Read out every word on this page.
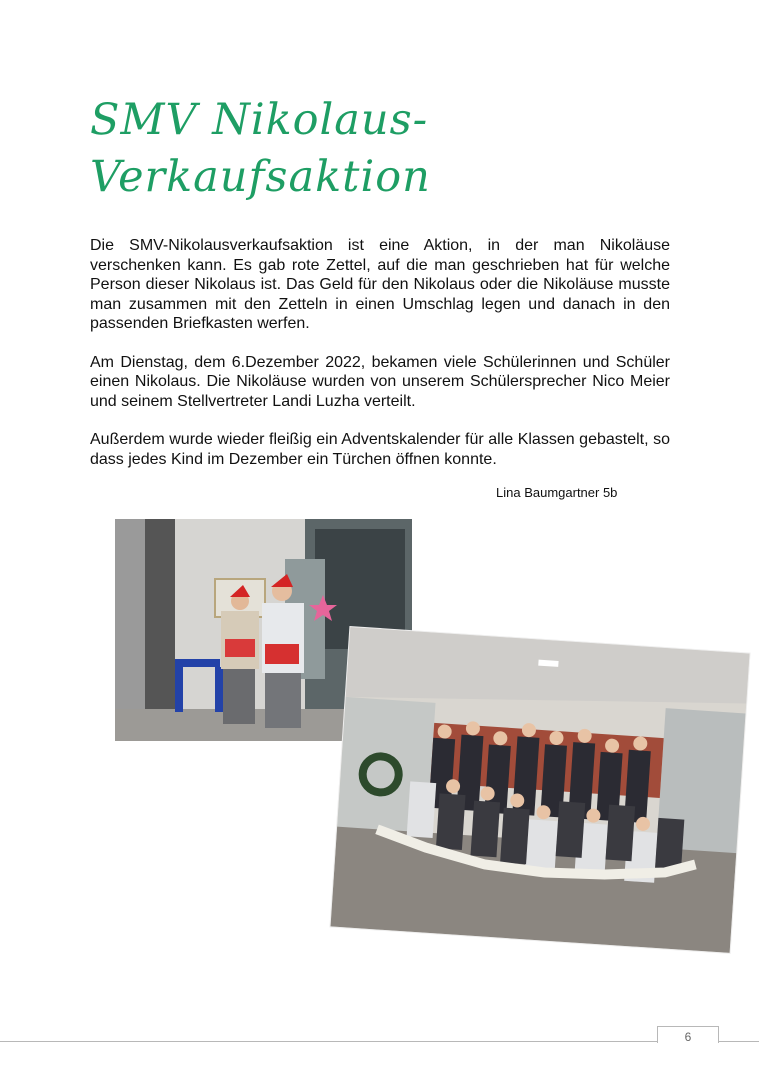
SMV Nikolaus-
Verkaufsaktion

Die SMV-Nikolausverkaufsaktion ist eine Aktion, in der man Nikoläuse verschenken kann. Es gab rote Zettel, auf die man geschrieben hat für welche Person dieser Nikolaus ist. Das Geld für den Nikolaus oder die Nikoläuse musste man zusammen mit den Zetteln in einen Umschlag legen und danach in den passenden Briefkasten werfen.

Am Dienstag, dem 6.Dezember 2022, bekamen viele Schülerinnen und Schüler einen Nikolaus. Die Nikoläuse wurden von unserem Schülersprecher Nico Meier und seinem Stellvertreter Landi Luzha verteilt.

Außerdem wurde wieder fleißig ein Adventskalender für alle Klassen gebastelt, so dass jedes Kind im Dezember ein Türchen öffnen konnte.

Lina Baumgartner 5b
6
